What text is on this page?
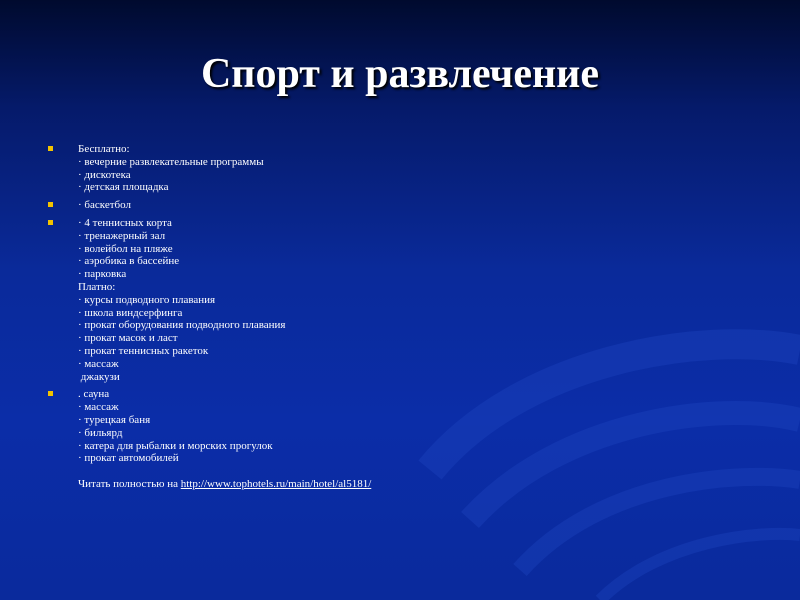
Спорт и развлечение
Бесплатно:
· вечерние развлекательные программы
· дискотека
· детская площадка
· баскетбол
· 4 теннисных корта
· тренажерный зал
· волейбол на пляже
· аэробика в бассейне
· парковка
Платно:
· курсы подводного плавания
· школа виндсерфинга
· прокат оборудования подводного плавания
· прокат масок и ласт
· прокат теннисных ракеток
· массаж
джакузи
. сауна
· массаж
· турецкая баня
· бильярд
· катера для рыбалки и морских прогулок
· прокат автомобилей
Читать полностью на http://www.tophotels.ru/main/hotel/al5181/
